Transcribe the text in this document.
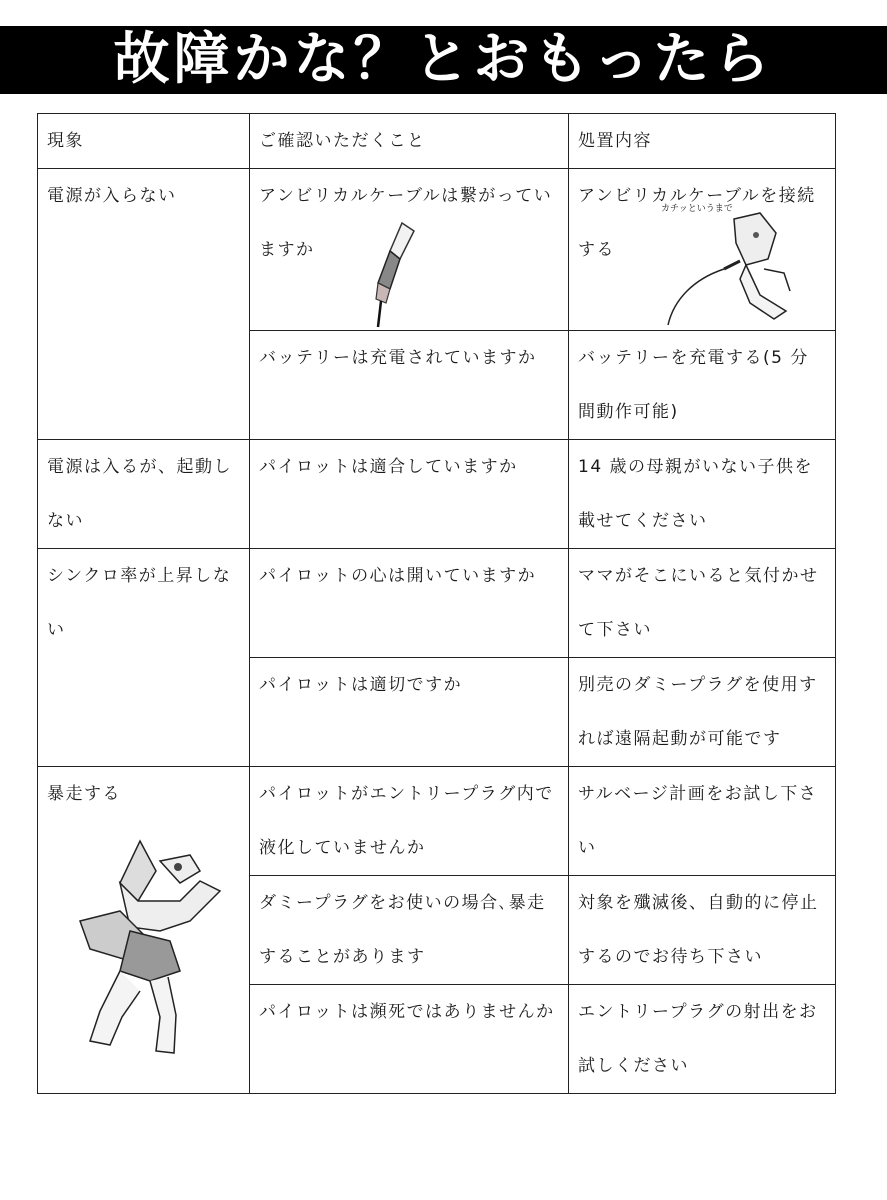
故障かな？とおもったら
現象	ご確認いただくこと	処置内容

電源が入らない	アンビリカルケーブルは繋がっていますか	アンビリカルケーブルを接続する
カチッというまで

	バッテリーは充電されていますか	バッテリーを充電する(5 分間動作可能)

電源は入るが、起動しない	パイロットは適合していますか	14 歳の母親がいない子供を載せてください

シンクロ率が上昇しない	パイロットの心は開いていますか	ママがそこにいると気付かせて下さい

	パイロットは適切ですか	別売のダミープラグを使用すれば遠隔起動が可能です

暴走する	パイロットがエントリープラグ内で液化していませんか	サルベージ計画をお試し下さい

	ダミープラグをお使いの場合､暴走することがあります	対象を殲滅後、自動的に停止するのでお待ち下さい

	パイロットは瀕死ではありませんか	エントリープラグの射出をお試しください
